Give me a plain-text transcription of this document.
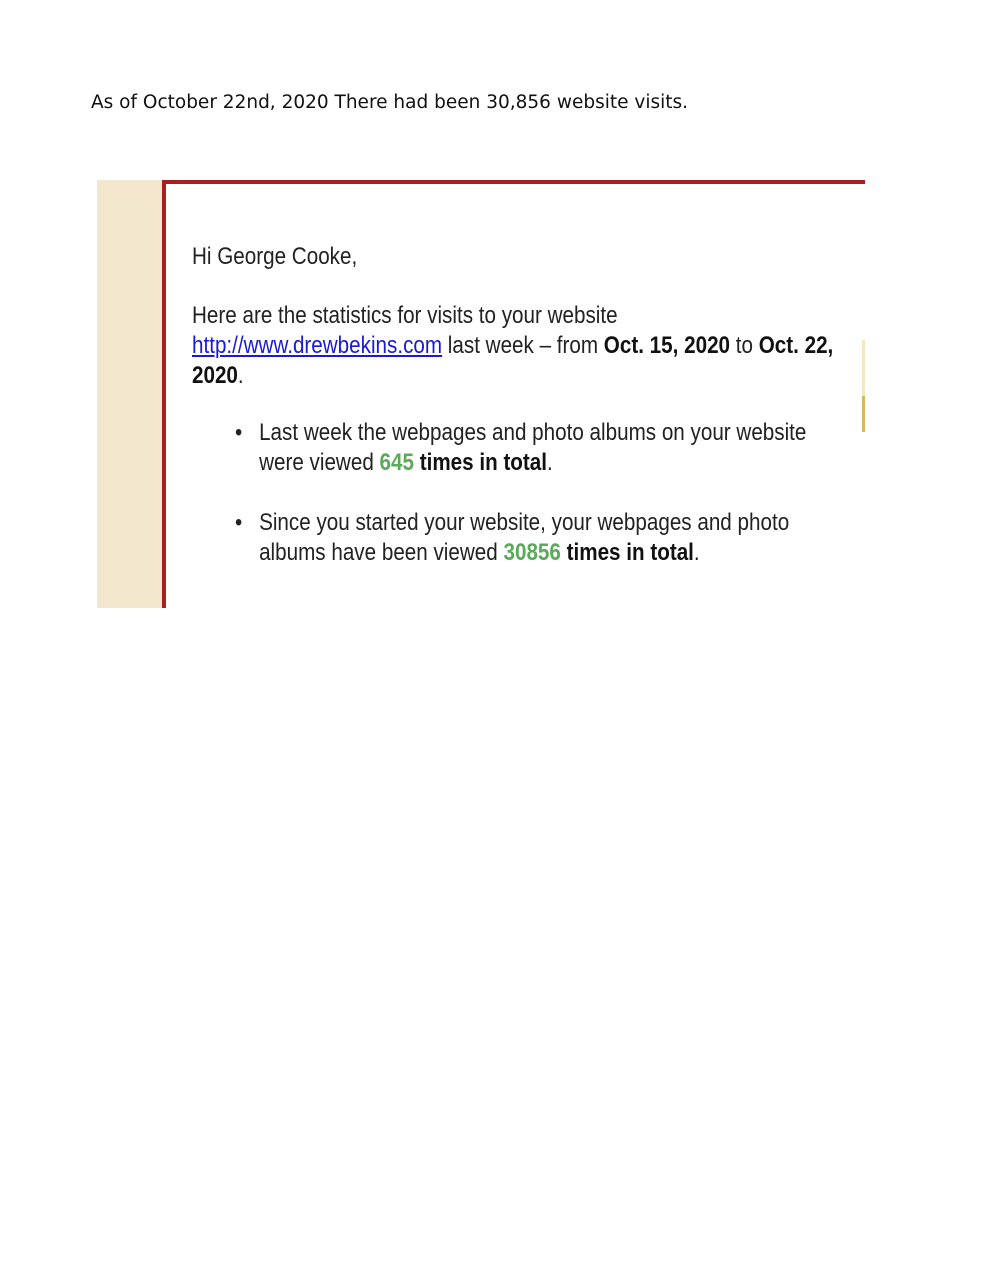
As of October 22nd, 2020 There had been 30,856 website visits.
Hi George Cooke,
Here are the statistics for visits to your website
http://www.drewbekins.com last week – from Oct. 15, 2020 to Oct. 22, 2020.
• Last week the webpages and photo albums on your website were viewed 645 times in total.
• Since you started your website, your webpages and photo albums have been viewed 30856 times in total.
